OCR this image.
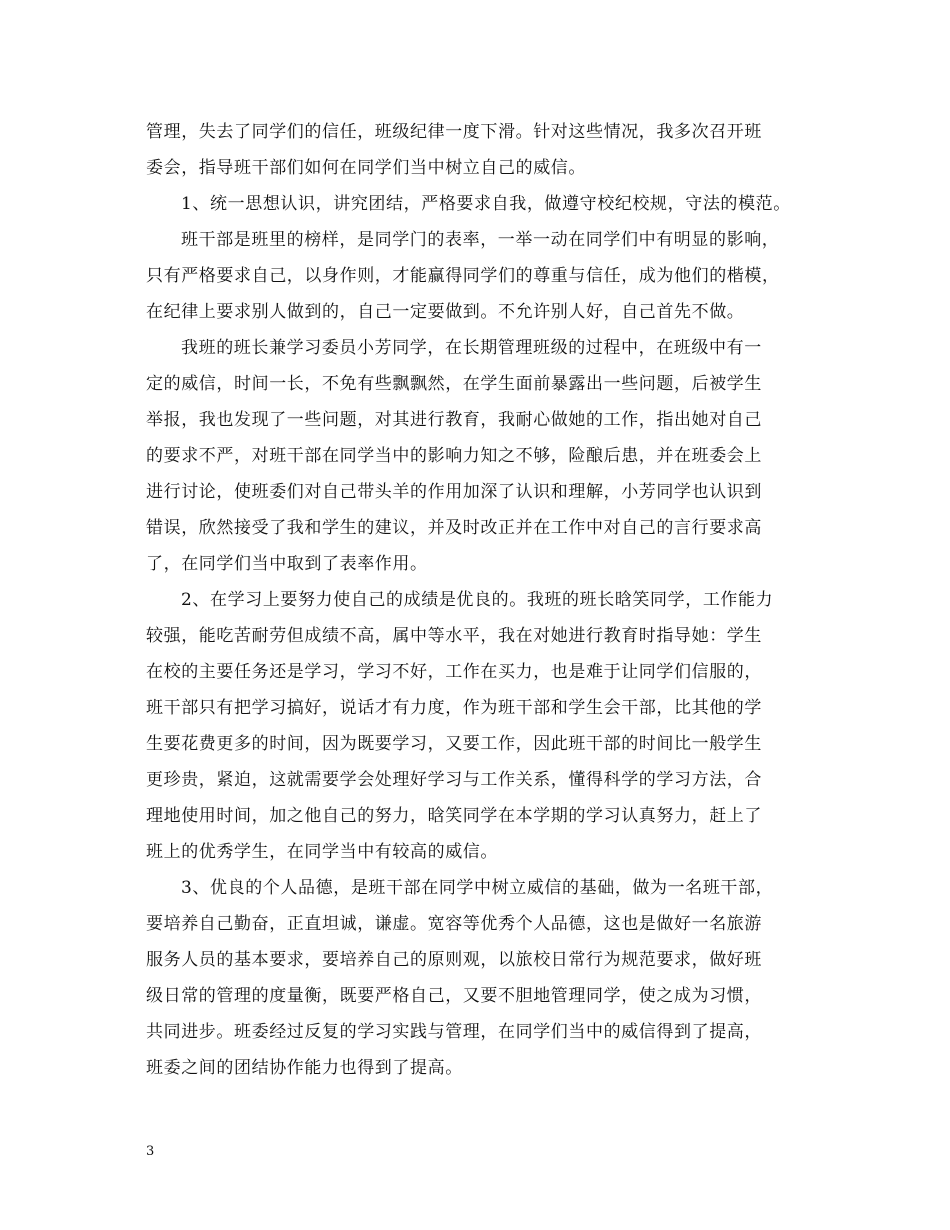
管理，失去了同学们的信任，班级纪律一度下滑。针对这些情况，我多次召开班
委会，指导班干部们如何在同学们当中树立自己的威信。
1、统一思想认识，讲究团结，严格要求自我，做遵守校纪校规，守法的模范。
班干部是班里的榜样，是同学门的表率，一举一动在同学们中有明显的影响，
只有严格要求自己，以身作则，才能赢得同学们的尊重与信任，成为他们的楷模，
在纪律上要求别人做到的，自己一定要做到。不允许别人好，自己首先不做。
我班的班长兼学习委员小芳同学，在长期管理班级的过程中，在班级中有一
定的威信，时间一长，不免有些飘飘然，在学生面前暴露出一些问题，后被学生
举报，我也发现了一些问题，对其进行教育，我耐心做她的工作，指出她对自己
的要求不严，对班干部在同学当中的影响力知之不够，险酿后患，并在班委会上
进行讨论，使班委们对自己带头羊的作用加深了认识和理解，小芳同学也认识到
错误，欣然接受了我和学生的建议，并及时改正并在工作中对自己的言行要求高
了，在同学们当中取到了表率作用。
2、在学习上要努力使自己的成绩是优良的。我班的班长晗笑同学，工作能力
较强，能吃苦耐劳但成绩不高，属中等水平，我在对她进行教育时指导她：学生
在校的主要任务还是学习，学习不好，工作在买力，也是难于让同学们信服的，
班干部只有把学习搞好，说话才有力度，作为班干部和学生会干部，比其他的学
生要花费更多的时间，因为既要学习，又要工作，因此班干部的时间比一般学生
更珍贵，紧迫，这就需要学会处理好学习与工作关系，懂得科学的学习方法，合
理地使用时间，加之他自己的努力，晗笑同学在本学期的学习认真努力，赶上了
班上的优秀学生，在同学当中有较高的威信。
3、优良的个人品德，是班干部在同学中树立威信的基础，做为一名班干部，
要培养自己勤奋，正直坦诚，谦虚。宽容等优秀个人品德，这也是做好一名旅游
服务人员的基本要求，要培养自己的原则观，以旅校日常行为规范要求，做好班
级日常的管理的度量衡，既要严格自己，又要不胆地管理同学，使之成为习惯，
共同进步。班委经过反复的学习实践与管理，在同学们当中的威信得到了提高，
班委之间的团结协作能力也得到了提高。
3
